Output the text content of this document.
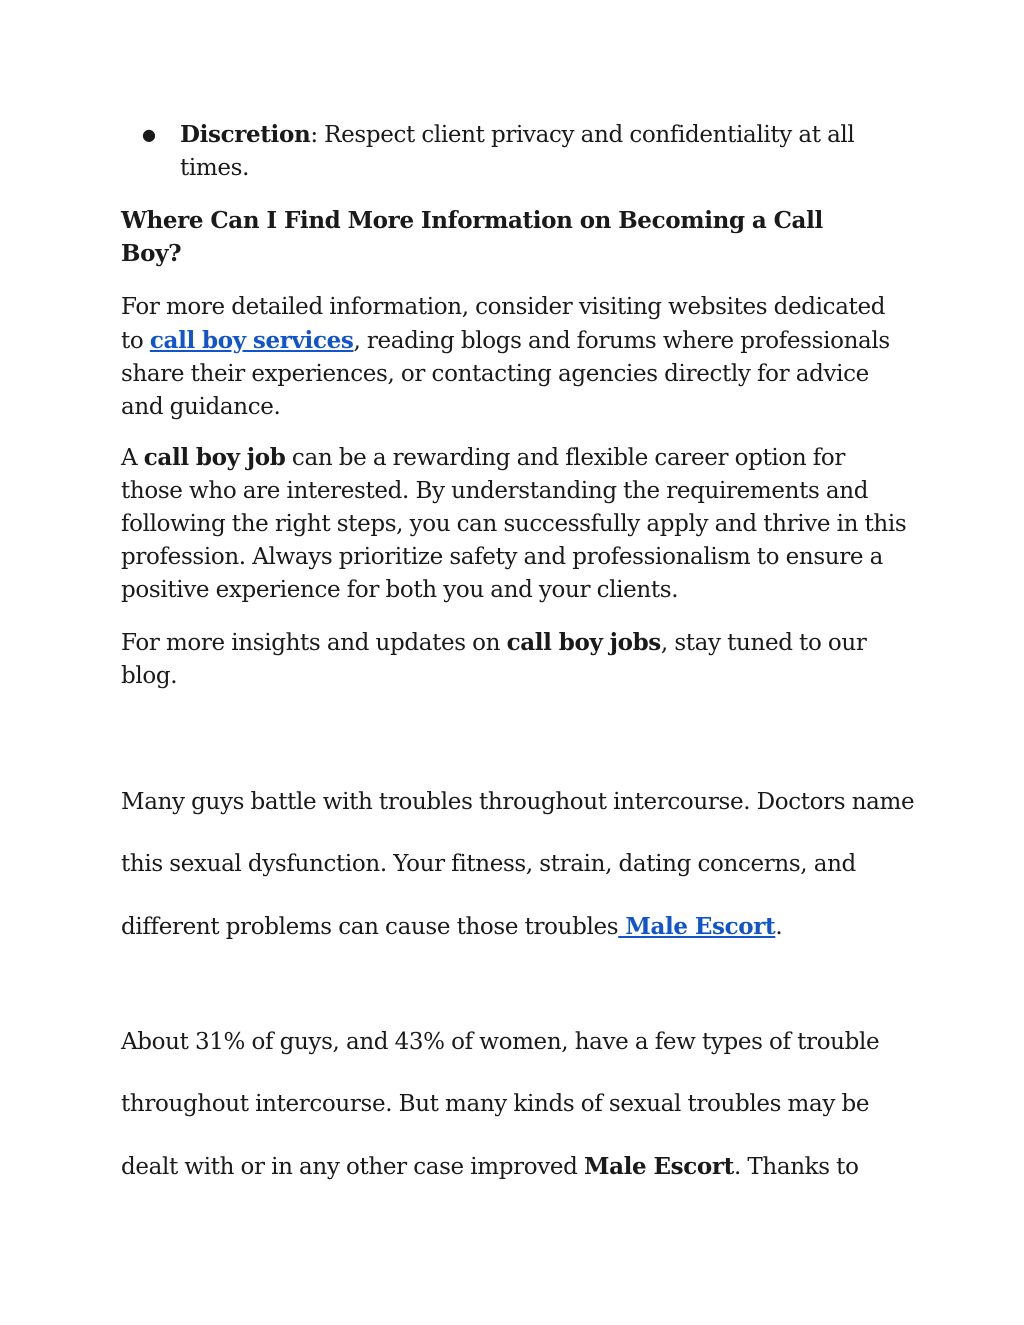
● Discretion: Respect client privacy and confidentiality at all times.
Where Can I Find More Information on Becoming a Call Boy?

For more detailed information, consider visiting websites dedicated to call boy services, reading blogs and forums where professionals share their experiences, or contacting agencies directly for advice and guidance.

A call boy job can be a rewarding and flexible career option for those who are interested. By understanding the requirements and following the right steps, you can successfully apply and thrive in this profession. Always prioritize safety and professionalism to ensure a positive experience for both you and your clients.

For more insights and updates on call boy jobs, stay tuned to our blog.

Many guys battle with troubles throughout intercourse. Doctors name
this sexual dysfunction. Your fitness, strain, dating concerns, and
different problems can cause those troubles Male Escort.
About 31% of guys, and 43% of women, have a few types of trouble
throughout intercourse. But many kinds of sexual troubles may be
dealt with or in any other case improved Male Escort. Thanks to
